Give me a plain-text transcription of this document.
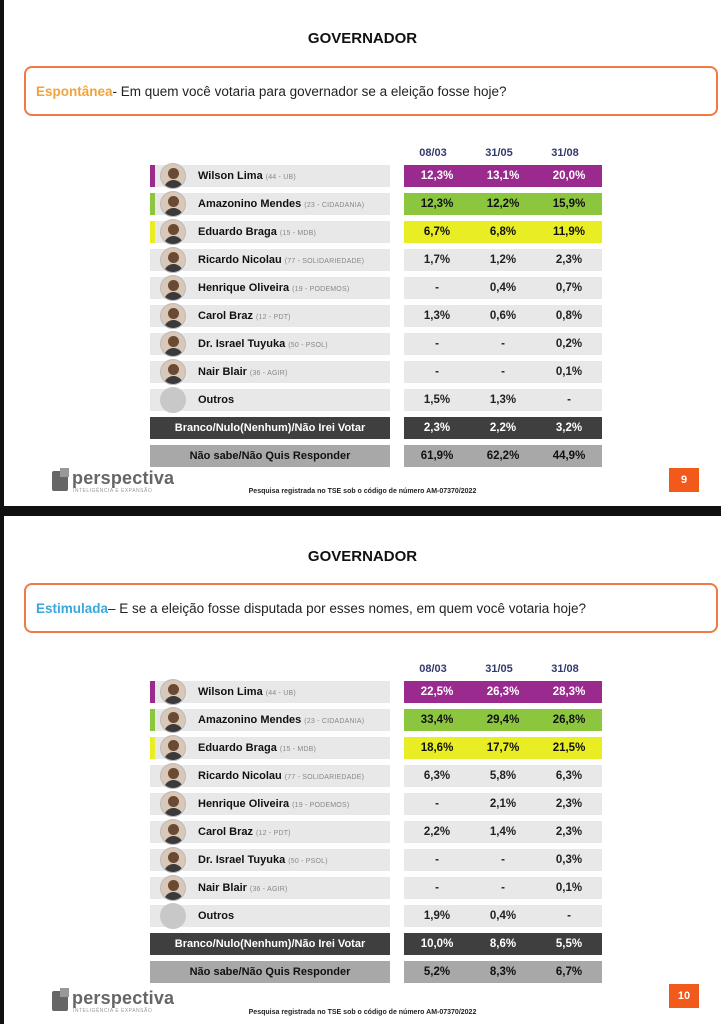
GOVERNADOR
Espontânea - Em quem você votaria para governador se a eleição fosse hoje?
08/03	31/05	31/08
Wilson Lima (44 - UB)	12,3%	13,1%	20,0%
Amazonino Mendes (23 - CIDADANIA)	12,3%	12,2%	15,9%
Eduardo Braga (15 - MDB)	6,7%	6,8%	11,9%
Ricardo Nicolau (77 - SOLIDARIEDADE)	1,7%	1,2%	2,3%
Henrique Oliveira (19 - PODEMOS)	-	0,4%	0,7%
Carol Braz (12 - PDT)	1,3%	0,6%	0,8%
Dr. Israel Tuyuka (50 - PSOL)	-	-	0,2%
Nair Blair (36 - AGIR)	-	-	0,1%
Outros	1,5%	1,3%	-
Branco/Nulo(Nenhum)/Não Irei Votar	2,3%	2,2%	3,2%
Não sabe/Não Quis Responder	61,9%	62,2%	44,9%
perspectiva
INTELIGÊNCIA E EXPANSÃO	Pesquisa registrada no TSE sob o código de número AM-07370/2022
9
GOVERNADOR
Estimulada – E se a eleição fosse disputada por esses nomes, em quem você votaria hoje?
08/03	31/05	31/08
Wilson Lima (44 - UB)	22,5%	26,3%	28,3%
Amazonino Mendes (23 - CIDADANIA)	33,4%	29,4%	26,8%
Eduardo Braga (15 - MDB)	18,6%	17,7%	21,5%
Ricardo Nicolau (77 - SOLIDARIEDADE)	6,3%	5,8%	6,3%
Henrique Oliveira (19 - PODEMOS)	-	2,1%	2,3%
Carol Braz (12 - PDT)	2,2%	1,4%	2,3%
Dr. Israel Tuyuka (50 - PSOL)	-	-	0,3%
Nair Blair (36 - AGIR)	-	-	0,1%
Outros	1,9%	0,4%	-
Branco/Nulo(Nenhum)/Não Irei Votar	10,0%	8,6%	5,5%
Não sabe/Não Quis Responder	5,2%	8,3%	6,7%
perspectiva
INTELIGÊNCIA E EXPANSÃO	Pesquisa registrada no TSE sob o código de número AM-07370/2022
10
